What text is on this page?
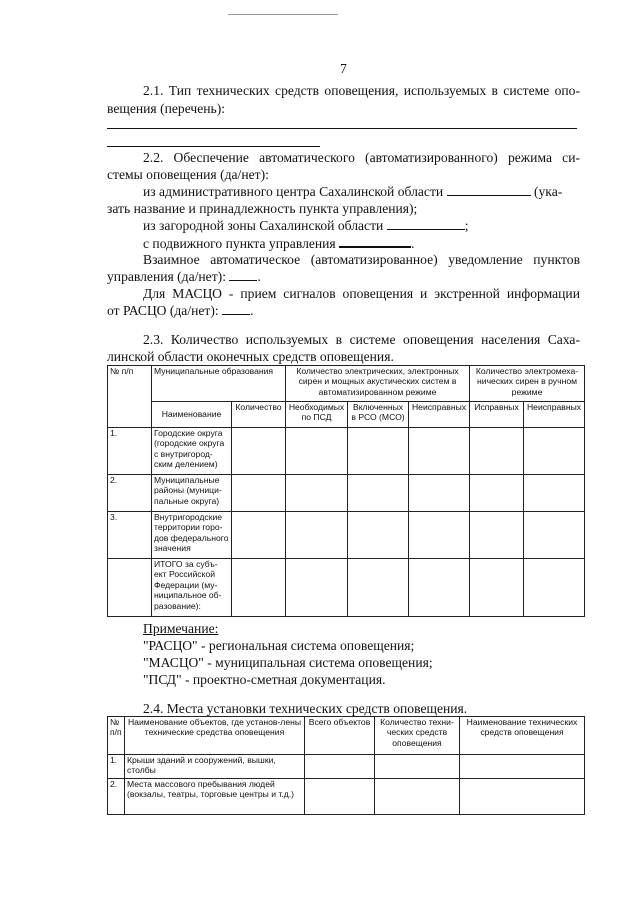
7
2.1. Тип технических средств оповещения, используемых в системе опо-
вещения (перечень):
2.2. Обеспечение автоматического (автоматизированного) режима си-
стемы оповещения (да/нет):
из административного центра Сахалинской области	(ука-
зать название и принадлежность пункта управления);
из загородной зоны Сахалинской области	;
с подвижного пункта управления	.
Взаимное автоматическое (автоматизированное) уведомление пунктов
управления (да/нет): .
Для МАСЦО - прием сигналов оповещения и экстренной информации
от РАСЦО (да/нет): .
2.3. Количество используемых в системе оповещения населения Саха-
линской области оконечных средств оповещения.
№ п/п	Муниципальные образования		Количество электрических, электронных сирен и мощных акустических систем в автоматизированном режиме			Количество электромеха-нических сирен в ручном режиме	
	Наименование	Количество	Необходимых по ПСД	Включенных в РСО (МСО)	Неисправных	Исправных	Неисправных
1.	Городские округа (городские округа с внутригород-ским делением)						
2.	Муниципальные районы (муници-пальные округа)						
3.	Внутригородские территории горо-дов федерального значения						
	ИТОГО за субъ-ект Российской Федерации (му-ниципальное об-разование):						
Примечание:
"РАСЦО" - региональная система оповещения;
"МАСЦО" - муниципальная система оповещения;
"ПСД" - проектно-сметная документация.
2.4. Места установки технических средств оповещения.
№ п/п	Наименование объектов, где установ-лены технические средства оповещения	Всего объектов	Количество техни-ческих средств оповещения	Наименование технических средств оповещения
1.	Крыши зданий и сооружений, вышки, столбы			
2.	Места массового пребывания людей (вокзалы, театры, торговые центры и т.д.)			
